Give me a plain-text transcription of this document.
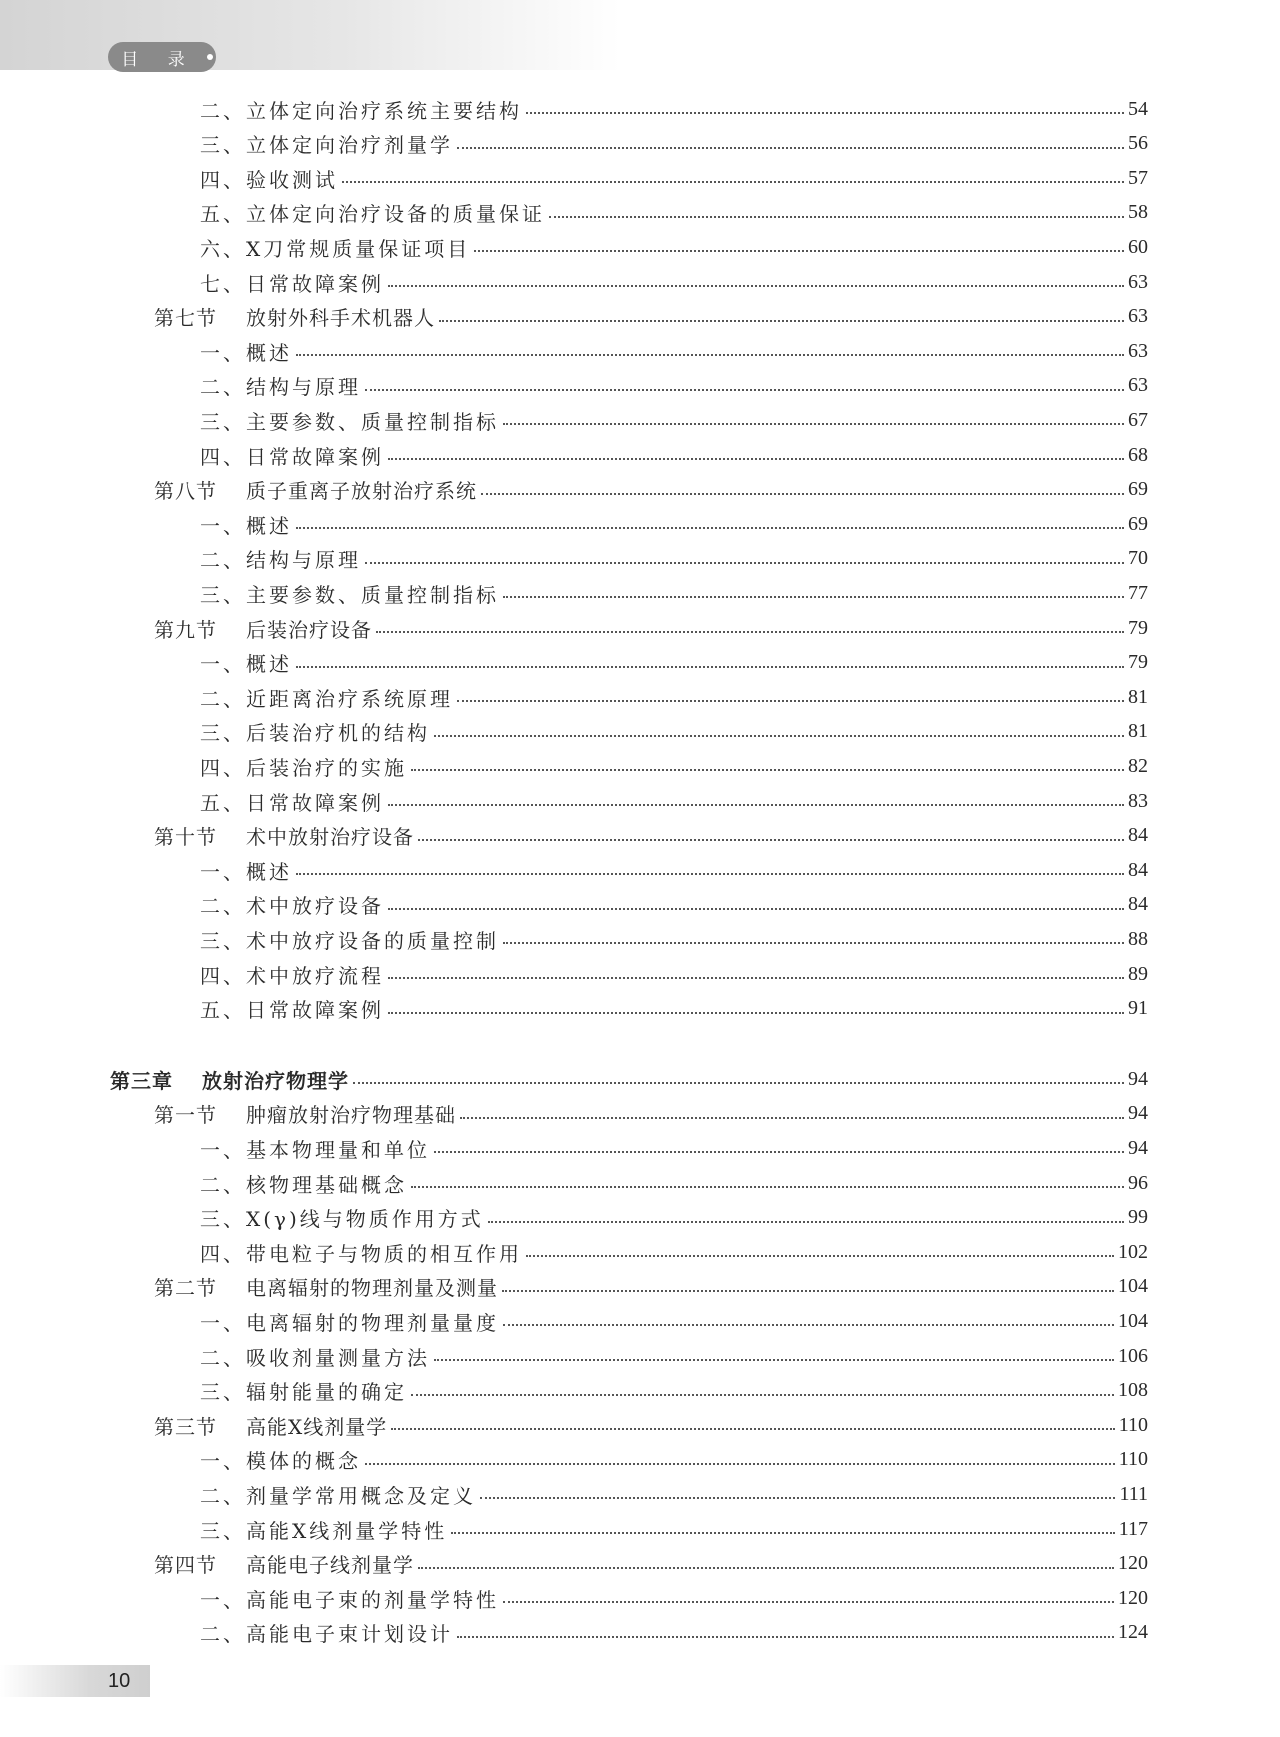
目 录
二、立体定向治疗系统主要结构	54
三、立体定向治疗剂量学	56
四、验收测试	57
五、立体定向治疗设备的质量保证	58
六、X刀常规质量保证项目	60
七、日常故障案例	63
第七节	放射外科手术机器人	63
一、概述	63
二、结构与原理	63
三、主要参数、质量控制指标	67
四、日常故障案例	68
第八节	质子重离子放射治疗系统	69
一、概述	69
二、结构与原理	70
三、主要参数、质量控制指标	77
第九节	后装治疗设备	79
一、概述	79
二、近距离治疗系统原理	81
三、后装治疗机的结构	81
四、后装治疗的实施	82
五、日常故障案例	83
第十节	术中放射治疗设备	84
一、概述	84
二、术中放疗设备	84
三、术中放疗设备的质量控制	88
四、术中放疗流程	89
五、日常故障案例	91
第三章	放射治疗物理学	94
第一节	肿瘤放射治疗物理基础	94
一、基本物理量和单位	94
二、核物理基础概念	96
三、X(γ)线与物质作用方式	99
四、带电粒子与物质的相互作用	102
第二节	电离辐射的物理剂量及测量	104
一、电离辐射的物理剂量量度	104
二、吸收剂量测量方法	106
三、辐射能量的确定	108
第三节	高能X线剂量学	110
一、模体的概念	110
二、剂量学常用概念及定义	111
三、高能X线剂量学特性	117
第四节	高能电子线剂量学	120
一、高能电子束的剂量学特性	120
二、高能电子束计划设计	124
10
